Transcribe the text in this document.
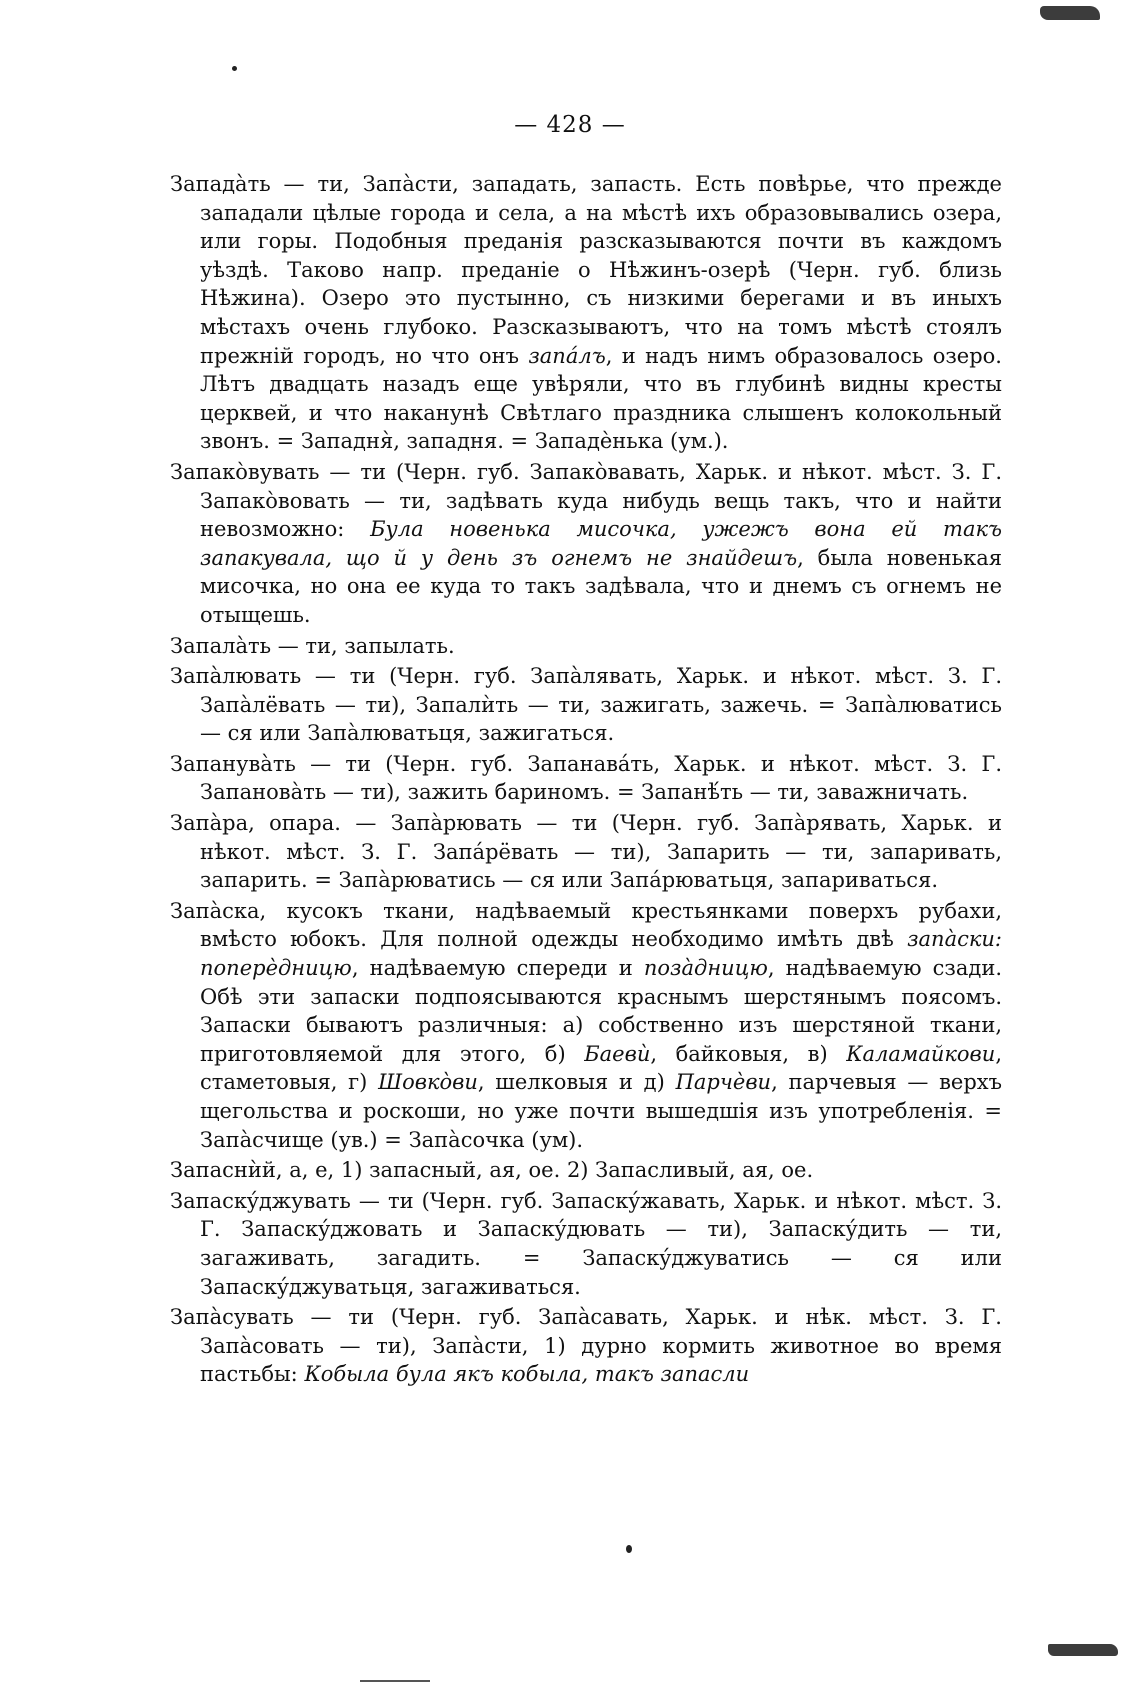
— 428 —

Западàть — ти, Запàсти, западать, запасть. Есть повѣрье, что прежде западали цѣлые города и села, а на мѣстѣ ихъ образовывались озера, или горы. Подобныя преданія разсказываются почти въ каждомъ уѣздѣ. Таково напр. преданіе о Нѣжинъ-озерѣ (Черн. губ. близь Нѣжина). Озеро это пустынно, съ низкими берегами и въ иныхъ мѣстахъ очень глубоко. Разсказываютъ, что на томъ мѣстѣ стоялъ прежній городъ, но что онъ запáлъ, и надъ нимъ образовалось озеро. Лѣтъ двадцать назадъ еще увѣряли, что въ глубинѣ видны кресты церквей, и что наканунѣ Свѣтлаго праздника слышенъ колокольный звонъ. = Западня̀, западня. = Западѐнька (ум.).

Запакòвувать — ти (Черн. губ. Запакòвавать, Харьк. и нѣкот. мѣст. З. Г. Запакòвовать — ти, задѣвать куда нибудь вещь такъ, что и найти невозможно: Була новенька мисочка, ужежъ вона ей такъ запакувала, що й у день зъ огнемъ не знайдешъ, была новенькая мисочка, но она ее куда то такъ задѣвала, что и днемъ съ огнемъ не отыщешь.

Запалàть — ти, запылать.

Запàлювать — ти (Черн. губ. Запàлявать, Харьк. и нѣкот. мѣст. З. Г. Запàлёвать — ти), Запалѝть — ти, зажигать, зажечь. = Запàлюватись — ся или Запàлюватьця, зажигаться.

Запанувàть — ти (Черн. губ. Запанавáть, Харьк. и нѣкот. мѣст. З. Г. Запановàть — ти), зажить бариномъ. = Запанѣ́ть — ти, заважничать.

Запàра, опара. — Запàрювать — ти (Черн. губ. Запàрявать, Харьк. и нѣкот. мѣст. З. Г. Запáрёвать — ти), Запарить — ти, запаривать, запарить. = Запàрюватись — ся или Запáрюватьця, запариваться.

Запàска, кусокъ ткани, надѣваемый крестьянками поверхъ рубахи, вмѣсто юбокъ. Для полной одежды необходимо имѣть двѣ запàски: поперѐдницю, надѣваемую спереди и позàдницю, надѣваемую сзади. Обѣ эти запаски подпоясываются краснымъ шерстянымъ поясомъ. Запаски бываютъ различныя: а) собственно изъ шерстяной ткани, приготовляемой для этого, б) Баевѝ, байковыя, в) Каламайкови, стаметовыя, г) Шовкòви, шелковыя и д) Парчѐви, парчевыя — верхъ щегольства и роскоши, но уже почти вышедшія изъ употребленія. = Запàсчище (ув.) = Запàсочка (ум).

Запаснѝй, а, е, 1) запасный, ая, ое. 2) Запасливый, ая, ое.

Запаскýджувать — ти (Черн. губ. Запаскýжавать, Харьк. и нѣкот. мѣст. З. Г. Запаскýджовать и Запаскýдювать — ти), Запаскýдить — ти, загаживать, загадить. = Запаскýджуватись — ся или Запаскýджуватьця, загаживаться.

Запàсувать — ти (Черн. губ. Запàсавать, Харьк. и нѣк. мѣст. З. Г. Запàсовать — ти), Запàсти, 1) дурно кормить животное во время пастьбы: Кобыла була якъ кобыла, такъ запасли
